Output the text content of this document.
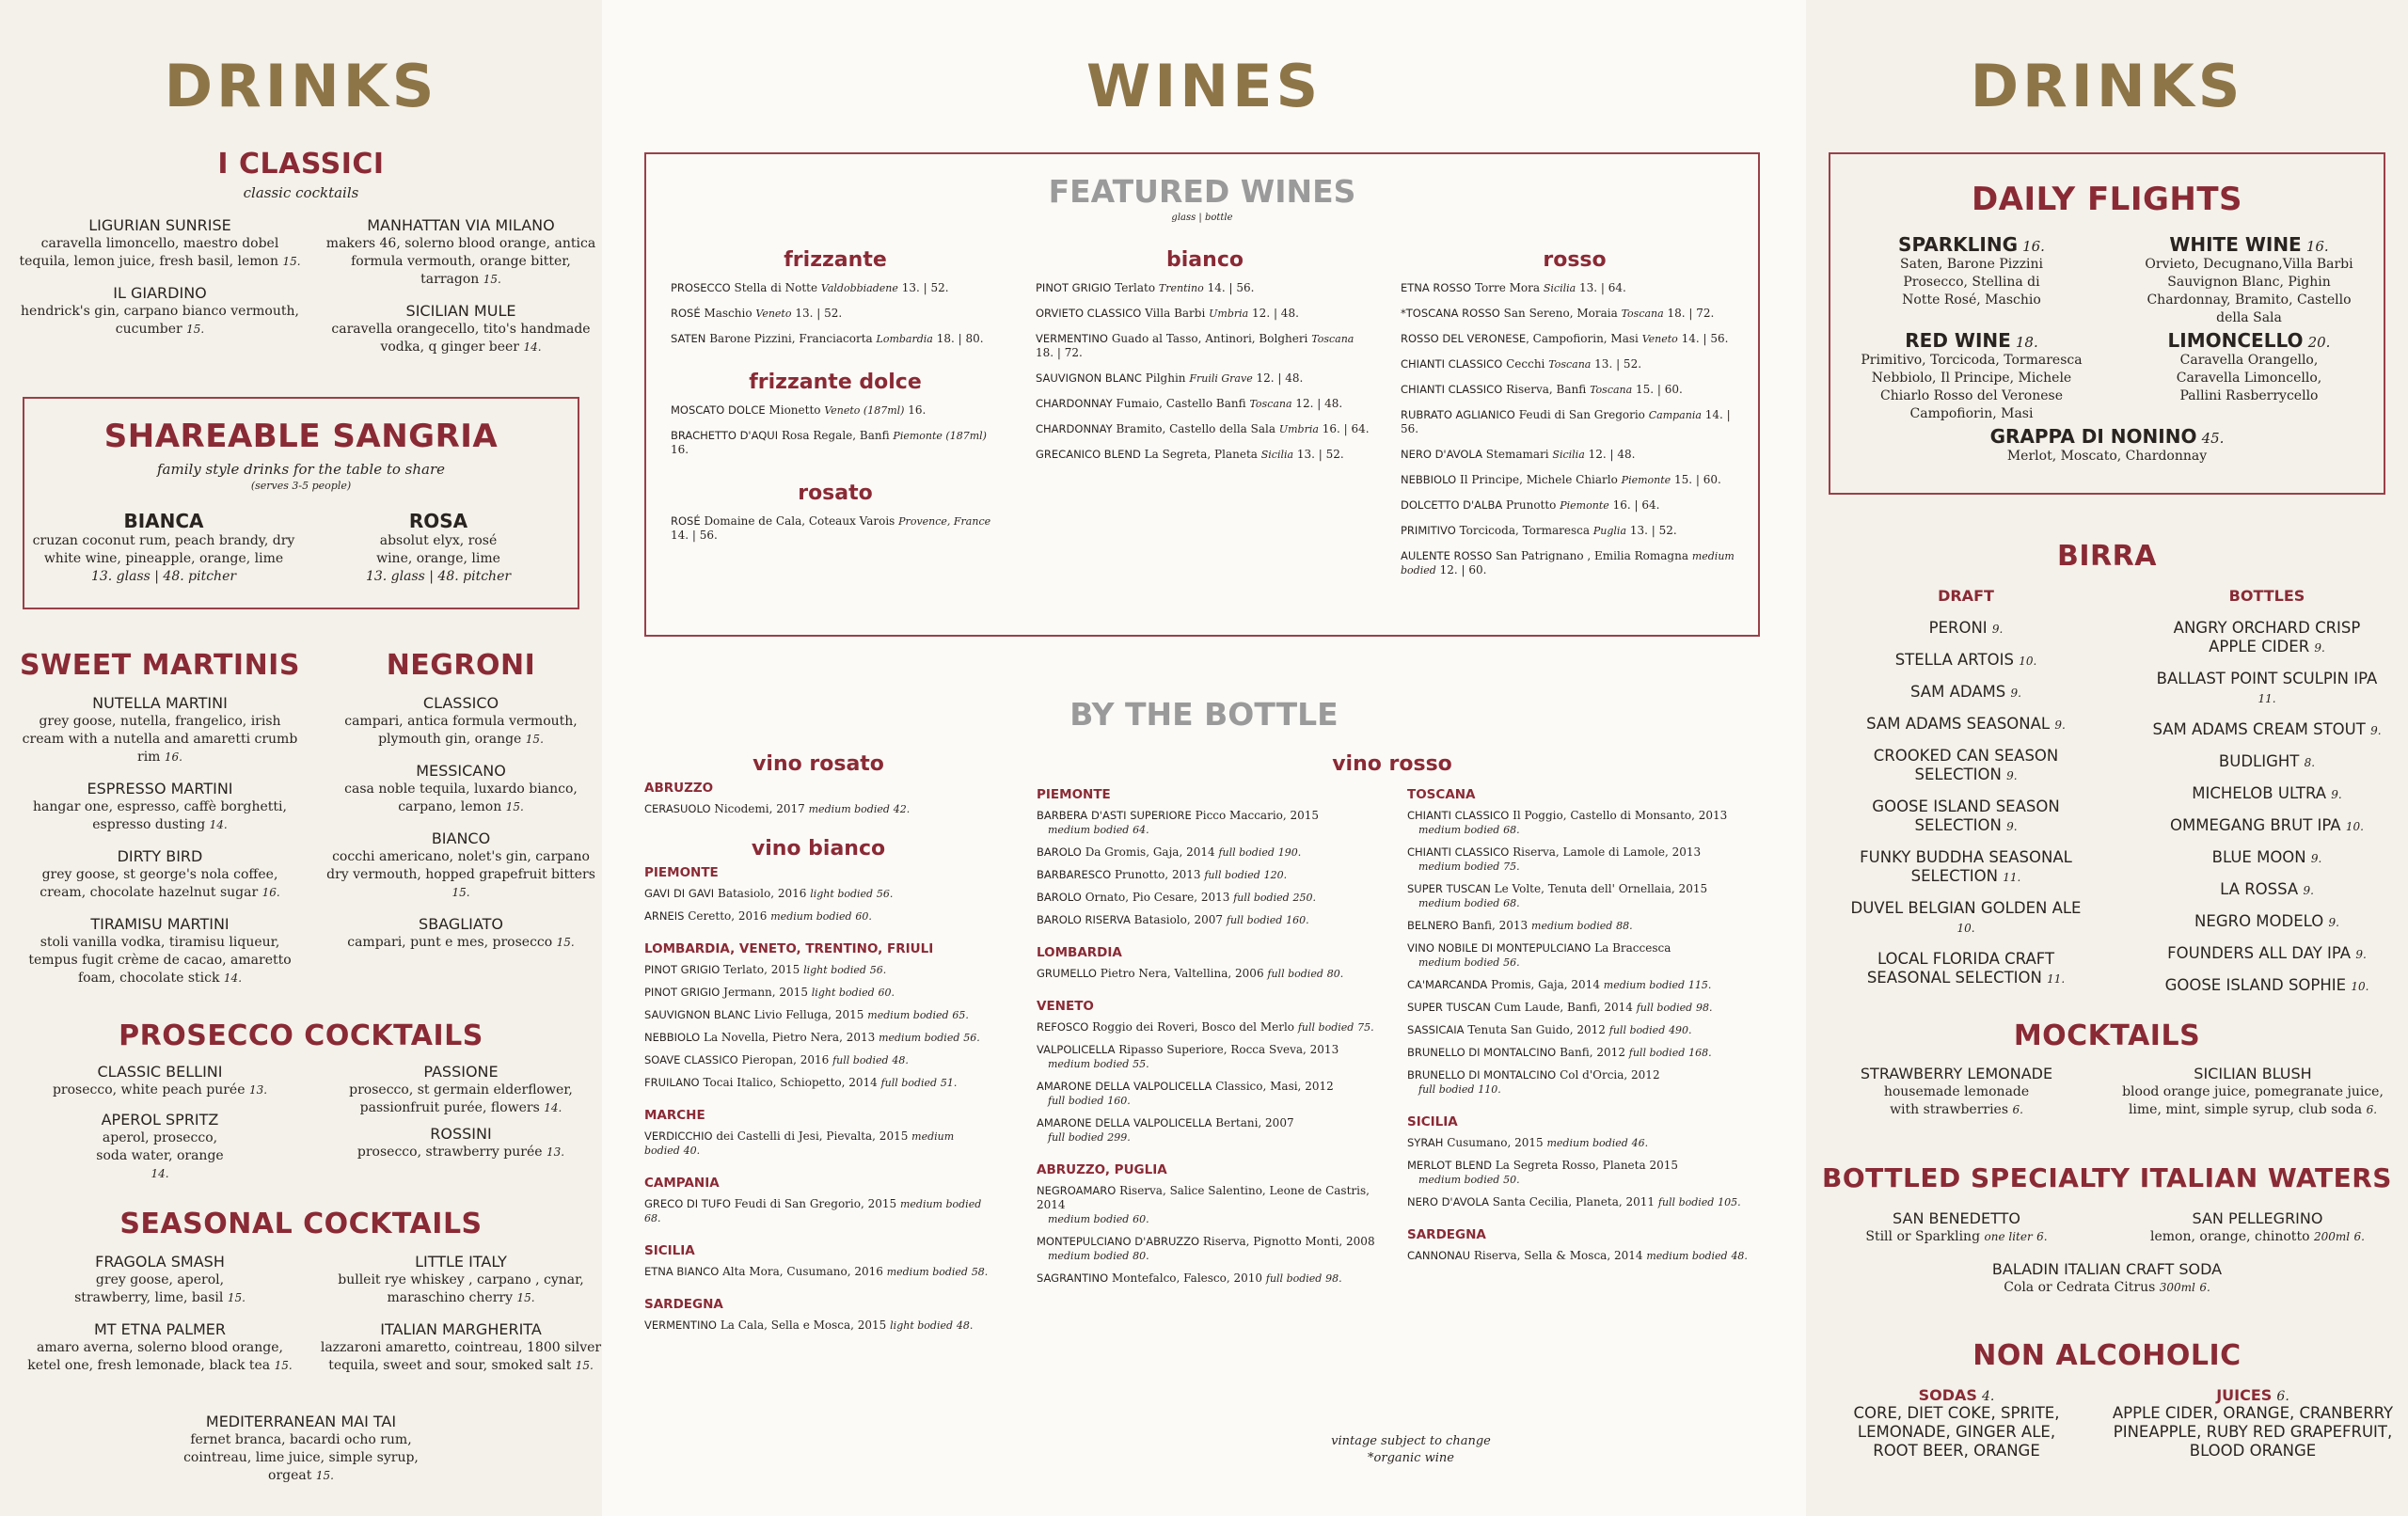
DRINKS
I CLASSICI
classic cocktails
LIGURIAN SUNRISE
caravella limoncello, maestro dobel tequila, lemon juice, fresh basil, lemon 15.
IL GIARDINO
hendrick's gin, carpano bianco vermouth, cucumber 15.
MANHATTAN VIA MILANO
makers 46, solerno blood orange, antica formula vermouth, orange bitter, tarragon 15.
SICILIAN MULE
caravella orangecello, tito's handmade vodka, q ginger beer 14.
SHAREABLE SANGRIA
family style drinks for the table to share
(serves 3-5 people)
BIANCA
cruzan coconut rum, peach brandy, dry white wine, pineapple, orange, lime
13. glass | 48. pitcher
ROSA
absolut elyx, rosé wine, orange, lime
13. glass | 48. pitcher
SWEET MARTINIS
NUTELLA MARTINI
grey goose, nutella, frangelico, irish cream with a nutella and amaretti crumb rim 16.
ESPRESSO MARTINI
hangar one, espresso, caffè borghetti, espresso dusting 14.
DIRTY BIRD
grey goose, st george's nola coffee, cream, chocolate hazelnut sugar 16.
TIRAMISU MARTINI
stoli vanilla vodka, tiramisu liqueur, tempus fugit crème de cacao, amaretto foam, chocolate stick 14.
NEGRONI
CLASSICO
campari, antica formula vermouth, plymouth gin, orange 15.
MESSICANO
casa noble tequila, luxardo bianco, carpano, lemon 15.
BIANCO
cocchi americano, nolet's gin, carpano dry vermouth, hopped grapefruit bitters 15.
SBAGLIATO
campari, punt e mes, prosecco 15.
PROSECCO COCKTAILS
CLASSIC BELLINI
prosecco, white peach purée 13.
APEROL SPRITZ
aperol, prosecco, soda water, orange 14.
PASSIONE
prosecco, st germain elderflower, passionfruit purée, flowers 14.
ROSSINI
prosecco, strawberry purée 13.
SEASONAL COCKTAILS
FRAGOLA SMASH
grey goose, aperol, strawberry, lime, basil 15.
MT ETNA PALMER
amaro averna, solerno blood orange, ketel one, fresh lemonade, black tea 15.
LITTLE ITALY
bulleit rye whiskey , carpano , cynar, maraschino cherry 15.
ITALIAN MARGHERITA
lazzaroni amaretto, cointreau, 1800 silver tequila, sweet and sour, smoked salt 15.
MEDITERRANEAN MAI TAI
fernet branca, bacardi ocho rum, cointreau, lime juice, simple syrup, orgeat 15.
WINES
FEATURED WINES
glass | bottle
frizzante
PROSECCO Stella di Notte Valdobbiadene 13. | 52.
ROSÉ Maschio Veneto 13. | 52.
SATEN Barone Pizzini, Franciacorta Lombardia 18. | 80.
frizzante dolce
MOSCATO DOLCE Mionetto Veneto (187ml) 16.
BRACHETTO D'AQUI Rosa Regale, Banfi Piemonte (187ml) 16.
rosato
ROSÉ Domaine de Cala, Coteaux Varois Provence, France 14. | 56.
bianco
PINOT GRIGIO Terlato Trentino 14. | 56.
ORVIETO CLASSICO Villa Barbi Umbria 12. | 48.
VERMENTINO Guado al Tasso, Antinori, Bolgheri Toscana 18. | 72.
SAUVIGNON BLANC Pilghin Fruili Grave 12. | 48.
CHARDONNAY Fumaio, Castello Banfi Toscana 12. | 48.
CHARDONNAY Bramito, Castello della Sala Umbria 16. | 64.
GRECANICO BLEND La Segreta, Planeta Sicilia 13. | 52.
rosso
ETNA ROSSO Torre Mora Sicilia 13. | 64.
*TOSCANA ROSSO San Sereno, Moraia Toscana 18. | 72.
ROSSO DEL VERONESE, Campofiorin, Masi Veneto 14. | 56.
CHIANTI CLASSICO Cecchi Toscana 13. | 52.
CHIANTI CLASSICO Riserva, Banfi Toscana 15. | 60.
RUBRATO AGLIANICO Feudi di San Gregorio Campania 14. | 56.
NERO D'AVOLA Stemamari Sicilia 12. | 48.
NEBBIOLO Il Principe, Michele Chiarlo Piemonte 15. | 60.
DOLCETTO D'ALBA Prunotto Piemonte 16. | 64.
PRIMITIVO Torcicoda, Tormaresca Puglia 13. | 52.
AULENTE ROSSO San Patrignano , Emilia Romagna medium bodied 12. | 60.
BY THE BOTTLE
vino rosato
ABRUZZO
CERASUOLO Nicodemi, 2017 medium bodied 42.
vino bianco
PIEMONTE
GAVI DI GAVI Batasiolo, 2016 light bodied 56.
ARNEIS Ceretto, 2016 medium bodied 60.
LOMBARDIA, VENETO, TRENTINO, FRIULI
PINOT GRIGIO Terlato, 2015 light bodied 56.
PINOT GRIGIO Jermann, 2015 light bodied 60.
SAUVIGNON BLANC Livio Felluga, 2015 medium bodied 65.
NEBBIOLO La Novella, Pietro Nera, 2013 medium bodied 56.
SOAVE CLASSICO Pieropan, 2016 full bodied 48.
FRUILANO Tocai Italico, Schiopetto, 2014 full bodied 51.
MARCHE
VERDICCHIO dei Castelli di Jesi, Pievalta, 2015 medium bodied 40.
CAMPANIA
GRECO DI TUFO Feudi di San Gregorio, 2015 medium bodied 68.
SICILIA
ETNA BIANCO Alta Mora, Cusumano, 2016 medium bodied 58.
SARDEGNA
VERMENTINO La Cala, Sella e Mosca, 2015 light bodied 48.
vino rosso
PIEMONTE
BARBERA D'ASTI SUPERIORE Picco Maccario, 2015
medium bodied 64.
BAROLO Da Gromis, Gaja, 2014 full bodied 190.
BARBARESCO Prunotto, 2013 full bodied 120.
BAROLO Ornato, Pio Cesare, 2013 full bodied 250.
BAROLO RISERVA Batasiolo, 2007 full bodied 160.
LOMBARDIA
GRUMELLO Pietro Nera, Valtellina, 2006 full bodied 80.
VENETO
REFOSCO Roggio dei Roveri, Bosco del Merlo full bodied 75.
VALPOLICELLA Ripasso Superiore, Rocca Sveva, 2013
medium bodied 55.
AMARONE DELLA VALPOLICELLA Classico, Masi, 2012
full bodied 160.
AMARONE DELLA VALPOLICELLA Bertani, 2007
full bodied 299.
ABRUZZO, PUGLIA
NEGROAMARO Riserva, Salice Salentino, Leone de Castris, 2014
medium bodied 60.
MONTEPULCIANO D'ABRUZZO Riserva, Pignotto Monti, 2008
medium bodied 80.
SAGRANTINO Montefalco, Falesco, 2010 full bodied 98.
TOSCANA
CHIANTI CLASSICO Il Poggio, Castello di Monsanto, 2013
medium bodied 68.
CHIANTI CLASSICO Riserva, Lamole di Lamole, 2013
medium bodied 75.
SUPER TUSCAN Le Volte, Tenuta dell' Ornellaia, 2015
medium bodied 68.
BELNERO Banfi, 2013 medium bodied 88.
VINO NOBILE DI MONTEPULCIANO La Braccesca
medium bodied 56.
CA'MARCANDA Promis, Gaja, 2014 medium bodied 115.
SUPER TUSCAN Cum Laude, Banfi, 2014 full bodied 98.
SASSICAIA Tenuta San Guido, 2012 full bodied 490.
BRUNELLO DI MONTALCINO Banfi, 2012 full bodied 168.
BRUNELLO DI MONTALCINO Col d'Orcia, 2012
full bodied 110.
SICILIA
SYRAH Cusumano, 2015 medium bodied 46.
MERLOT BLEND La Segreta Rosso, Planeta 2015
medium bodied 50.
NERO D'AVOLA Santa Cecilia, Planeta, 2011 full bodied 105.
SARDEGNA
CANNONAU Riserva, Sella & Mosca, 2014 medium bodied 48.
vintage subject to change
*organic wine
DRINKS
DAILY FLIGHTS
SPARKLING 16.
Saten, Barone Pizzini Prosecco, Stellina di Notte Rosé, Maschio
WHITE WINE 16.
Orvieto, Decugnano,Villa Barbi Sauvignon Blanc, Pighin Chardonnay, Bramito, Castello della Sala
RED WINE 18.
Primitivo, Torcicoda, Tormaresca Nebbiolo, Il Principe, Michele Chiarlo Rosso del Veronese Campofiorin, Masi
LIMONCELLO 20.
Caravella Orangello, Caravella Limoncello, Pallini Rasberrycello
GRAPPA DI NONINO 45.
Merlot, Moscato, Chardonnay
BIRRA
DRAFT	BOTTLES
PERONI 9.
STELLA ARTOIS 10.
SAM ADAMS 9.
SAM ADAMS SEASONAL 9.
CROOKED CAN SEASON SELECTION 9.
GOOSE ISLAND SEASON SELECTION 9.
FUNKY BUDDHA SEASONAL SELECTION 11.
DUVEL BELGIAN GOLDEN ALE 10.
LOCAL FLORIDA CRAFT SEASONAL SELECTION 11.
ANGRY ORCHARD CRISP APPLE CIDER 9.
BALLAST POINT SCULPIN IPA 11.
SAM ADAMS CREAM STOUT 9.
BUDLIGHT 8.
MICHELOB ULTRA 9.
OMMEGANG BRUT IPA 10.
BLUE MOON 9.
LA ROSSA 9.
NEGRO MODELO 9.
FOUNDERS ALL DAY IPA 9.
GOOSE ISLAND SOPHIE 10.
MOCKTAILS
STRAWBERRY LEMONADE
housemade lemonade with strawberries 6.
SICILIAN BLUSH
blood orange juice, pomegranate juice, lime, mint, simple syrup, club soda 6.
BOTTLED SPECIALTY ITALIAN WATERS
SAN BENEDETTO
Still or Sparkling one liter 6.
SAN PELLEGRINO
lemon, orange, chinotto 200ml 6.
BALADIN ITALIAN CRAFT SODA
Cola or Cedrata Citrus 300ml 6.
NON ALCOHOLIC
SODAS 4.
CORE, DIET COKE, SPRITE, LEMONADE, GINGER ALE, ROOT BEER, ORANGE
JUICES 6.
APPLE CIDER, ORANGE, CRANBERRY PINEAPPLE, RUBY RED GRAPEFRUIT, BLOOD ORANGE
